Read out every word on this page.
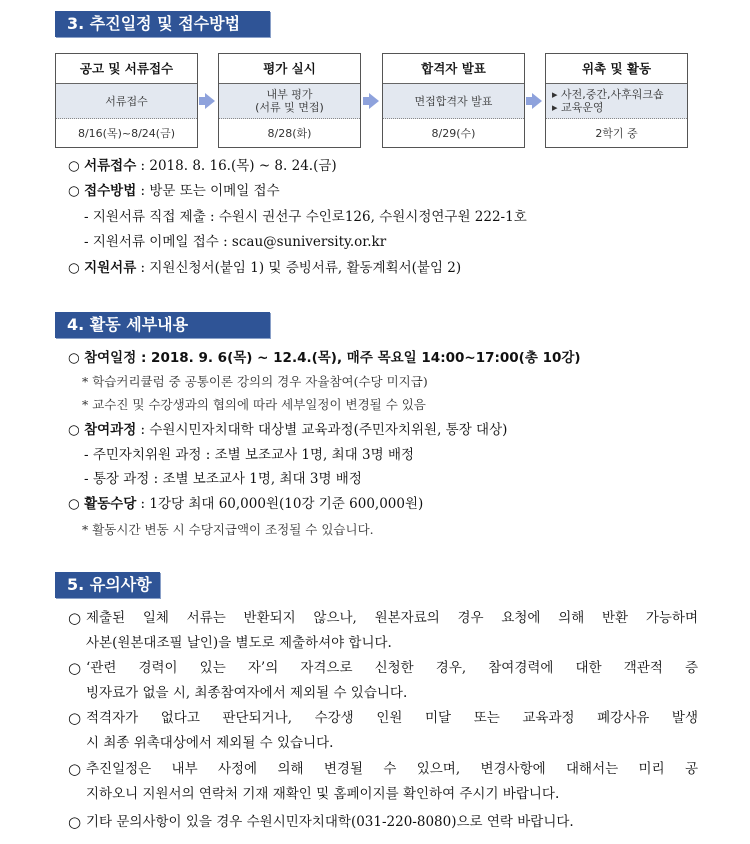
3. 추진일정 및 접수방법
공고 및 서류접수
서류접수
8/16(목)~8/24(금)
평가 실시
내부 평가
(서류 및 면접)
8/28(화)
합격자 발표
면접합격자 발표
8/29(수)
위촉 및 활동
▸ 사전,중간,사후워크숍
▸ 교육운영
2학기 중
○ 서류접수 : 2018. 8. 16.(목) ~ 8. 24.(금)
○ 접수방법 : 방문 또는 이메일 접수
- 지원서류 직접 제출 : 수원시 권선구 수인로126, 수원시정연구원 222-1호
- 지원서류 이메일 접수 : scau@suniversity.or.kr
○ 지원서류 : 지원신청서(붙임 1) 및 증빙서류, 활동계획서(붙임 2)
4. 활동 세부내용
○ 참여일정 : 2018. 9. 6(목) ~ 12.4.(목), 매주 목요일 14:00~17:00(총 10강)
* 학습커리큘럼 중 공통이론 강의의 경우 자율참여(수당 미지급)
* 교수진 및 수강생과의 협의에 따라 세부일정이 변경될 수 있음
○ 참여과정 : 수원시민자치대학 대상별 교육과정(주민자치위원, 통장 대상)
- 주민자치위원 과정 : 조별 보조교사 1명, 최대 3명 배정
- 통장 과정 : 조별 보조교사 1명, 최대 3명 배정
○ 활동수당 : 1강당 최대 60,000원(10강 기준 600,000원)
* 활동시간 변동 시 수당지급액이 조정될 수 있습니다.
5. 유의사항
○ 제출된 일체 서류는 반환되지 않으나, 원본자료의 경우 요청에 의해 반환 가능하며
사본(원본대조필 날인)을 별도로 제출하셔야 합니다.
○ ‘관련 경력이 있는 자’의 자격으로 신청한 경우, 참여경력에 대한 객관적 증
빙자료가 없을 시, 최종참여자에서 제외될 수 있습니다.
○ 적격자가 없다고 판단되거나, 수강생 인원 미달 또는 교육과정 폐강사유 발생
시 최종 위촉대상에서 제외될 수 있습니다.
○ 추진일정은 내부 사정에 의해 변경될 수 있으며, 변경사항에 대해서는 미리 공
지하오니 지원서의 연락처 기재 재확인 및 홈페이지를 확인하여 주시기 바랍니다.
○ 기타 문의사항이 있을 경우 수원시민자치대학(031-220-8080)으로 연락 바랍니다.
